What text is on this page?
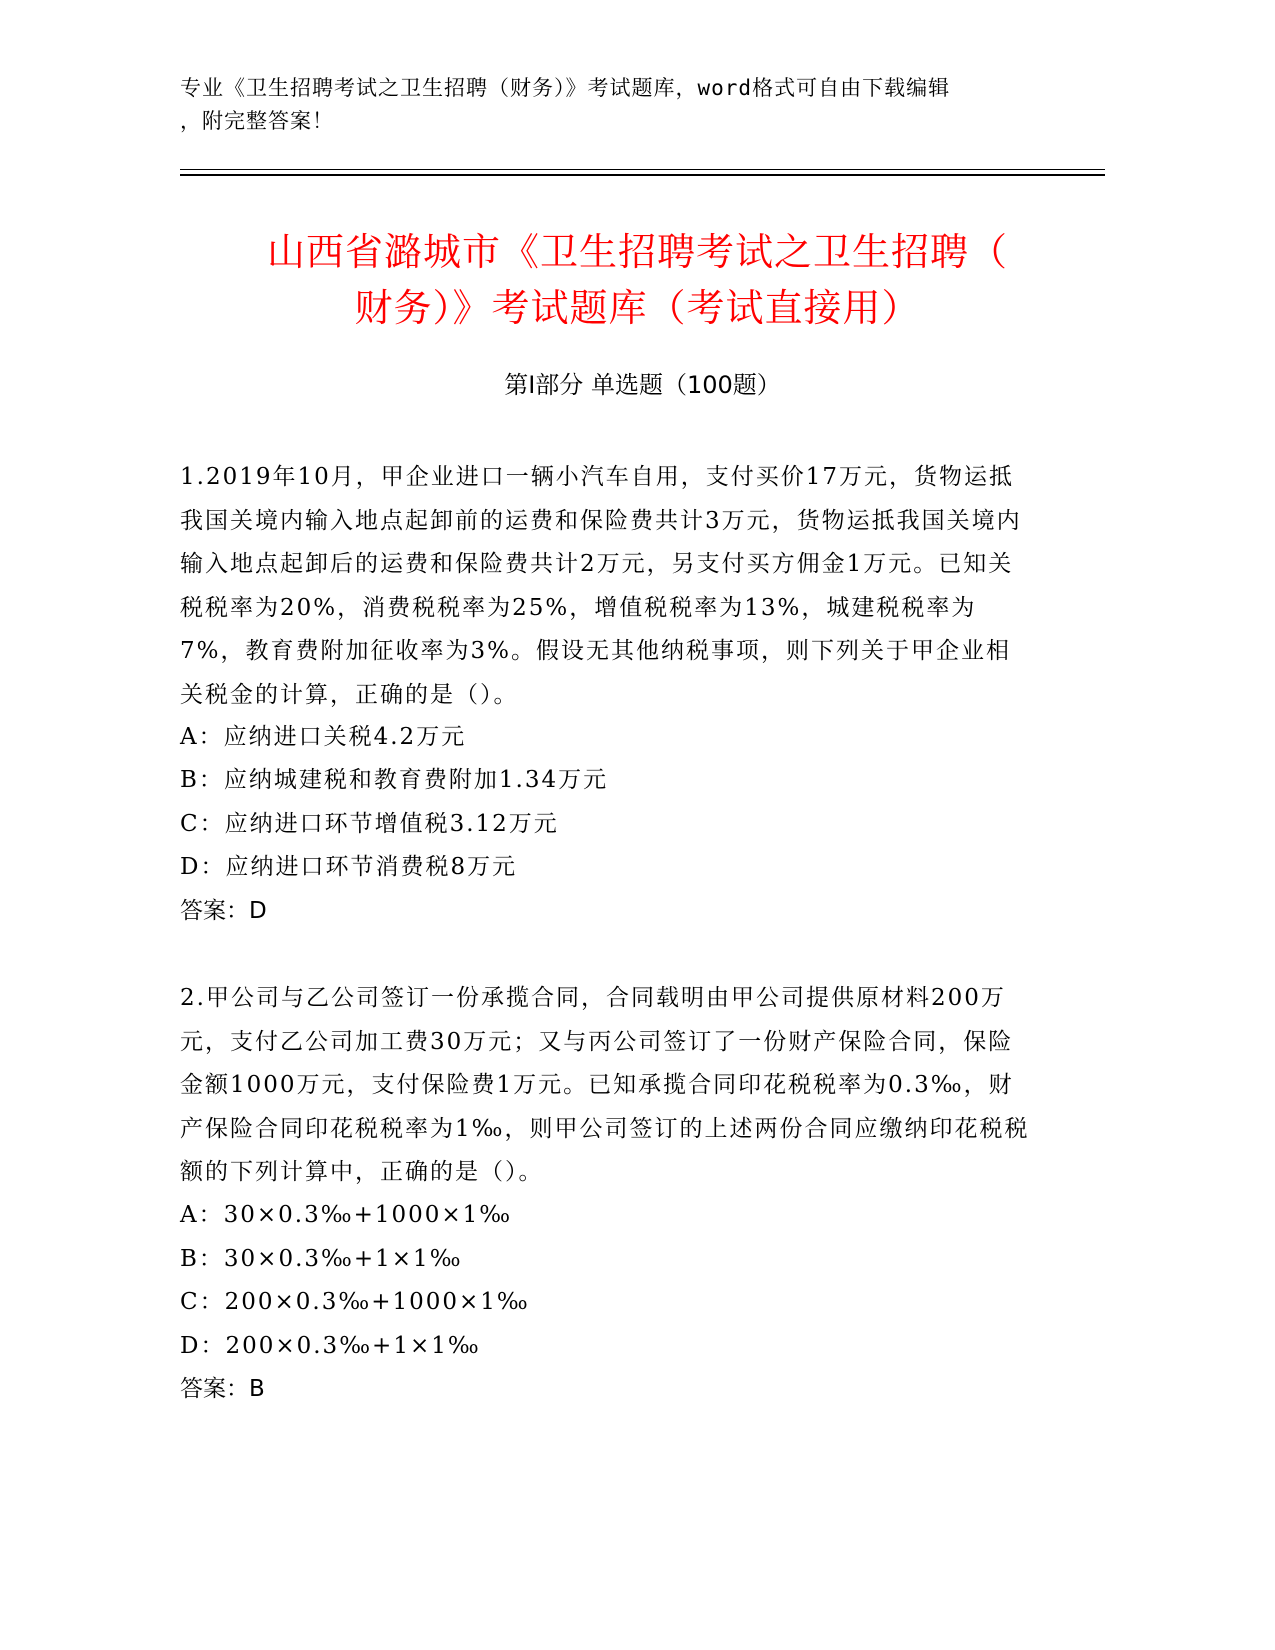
专业《卫生招聘考试之卫生招聘（财务）》考试题库，word格式可自由下载编辑
，附完整答案！
山西省潞城市《卫生招聘考试之卫生招聘（
财务）》考试题库（考试直接用）
第Ⅰ部分 单选题（100题）
1.2019年10月，甲企业进口一辆小汽车自用，支付买价17万元，货物运抵我国关境内输入地点起卸前的运费和保险费共计3万元，货物运抵我国关境内输入地点起卸后的运费和保险费共计2万元，另支付买方佣金1万元。已知关税税率为20%，消费税税率为25%，增值税税率为13%，城建税税率为7%，教育费附加征收率为3%。假设无其他纳税事项，则下列关于甲企业相关税金的计算，正确的是（）。
A：应纳进口关税4.2万元
B：应纳城建税和教育费附加1.34万元
C：应纳进口环节增值税3.12万元
D：应纳进口环节消费税8万元
答案：D
2.甲公司与乙公司签订一份承揽合同，合同载明由甲公司提供原材料200万元，支付乙公司加工费30万元；又与丙公司签订了一份财产保险合同，保险金额1000万元，支付保险费1万元。已知承揽合同印花税税率为0.3‰，财产保险合同印花税税率为1‰，则甲公司签订的上述两份合同应缴纳印花税税额的下列计算中，正确的是（）。
A：30×0.3‰+1000×1‰
B：30×0.3‰+1×1‰
C：200×0.3‰+1000×1‰
D：200×0.3‰+1×1‰
答案：B
